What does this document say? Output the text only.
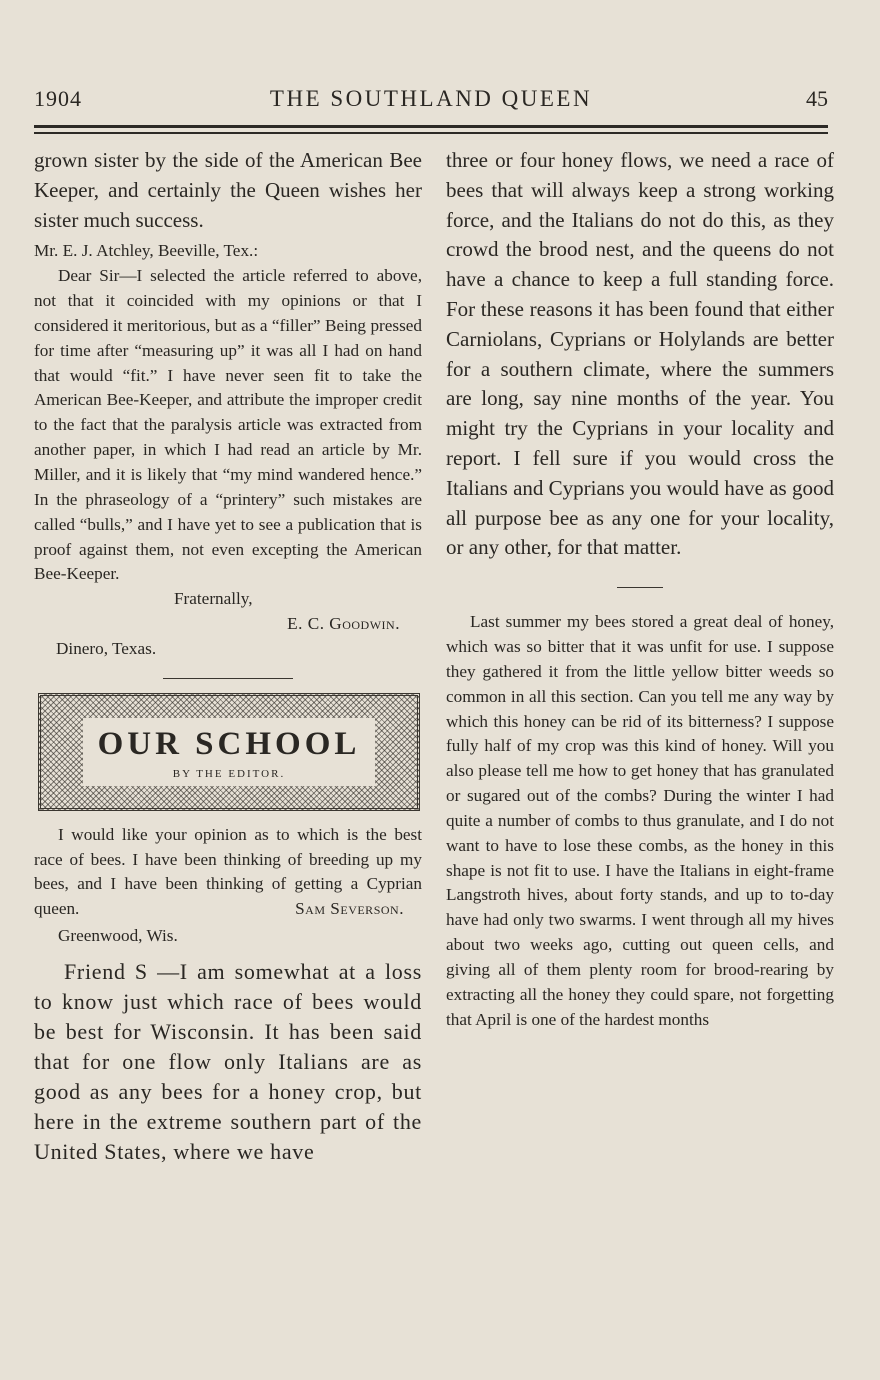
1904	THE SOUTHLAND QUEEN	45

grown sister by the side of the American Bee Keeper, and certainly the Queen wishes her sister much success.

Mr. E. J. Atchley, Beeville, Tex.:

Dear Sir—I selected the article referred to above, not that it coincided with my opinions or that I considered it meritorious, but as a “filler” Being pressed for time after “measuring up” it was all I had on hand that would “fit.” I have never seen fit to take the American Bee-Keeper, and attribute the improper credit to the fact that the paralysis article was extracted from another paper, in which I had read an article by Mr. Miller, and it is likely that “my mind wandered hence.” In the phraseology of a “printery” such mistakes are called “bulls,” and I have yet to see a publication that is proof against them, not even excepting the American Bee-Keeper.

Fraternally,

E. C. Goodwin.

Dinero, Texas.

OUR SCHOOL
BY THE EDITOR.

I would like your opinion as to which is the best race of bees. I have been thinking of breeding up my bees, and I have been thinking of getting a Cyprian queen.	Sam Severson.

Greenwood, Wis.

Friend S —I am somewhat at a loss to know just which race of bees would be best for Wisconsin. It has been said that for one flow only Italians are as good as any bees for a honey crop, but here in the extreme southern part of the United States, where we have

three or four honey flows, we need a race of bees that will always keep a strong working force, and the Italians do not do this, as they crowd the brood nest, and the queens do not have a chance to keep a full standing force. For these reasons it has been found that either Carniolans, Cyprians or Holylands are better for a southern climate, where the summers are long, say nine months of the year. You might try the Cyprians in your locality and report. I fell sure if you would cross the Italians and Cyprians you would have as good all purpose bee as any one for your locality, or any other, for that matter.

Last summer my bees stored a great deal of honey, which was so bitter that it was unfit for use. I suppose they gathered it from the little yellow bitter weeds so common in all this section. Can you tell me any way by which this honey can be rid of its bitterness? I suppose fully half of my crop was this kind of honey. Will you also please tell me how to get honey that has granulated or sugared out of the combs? During the winter I had quite a number of combs to thus granulate, and I do not want to have to lose these combs, as the honey in this shape is not fit to use. I have the Italians in eight-frame Langstroth hives, about forty stands, and up to to-day have had only two swarms. I went through all my hives about two weeks ago, cutting out queen cells, and giving all of them plenty room for brood-rearing by extracting all the honey they could spare, not forgetting that April is one of the hardest months
